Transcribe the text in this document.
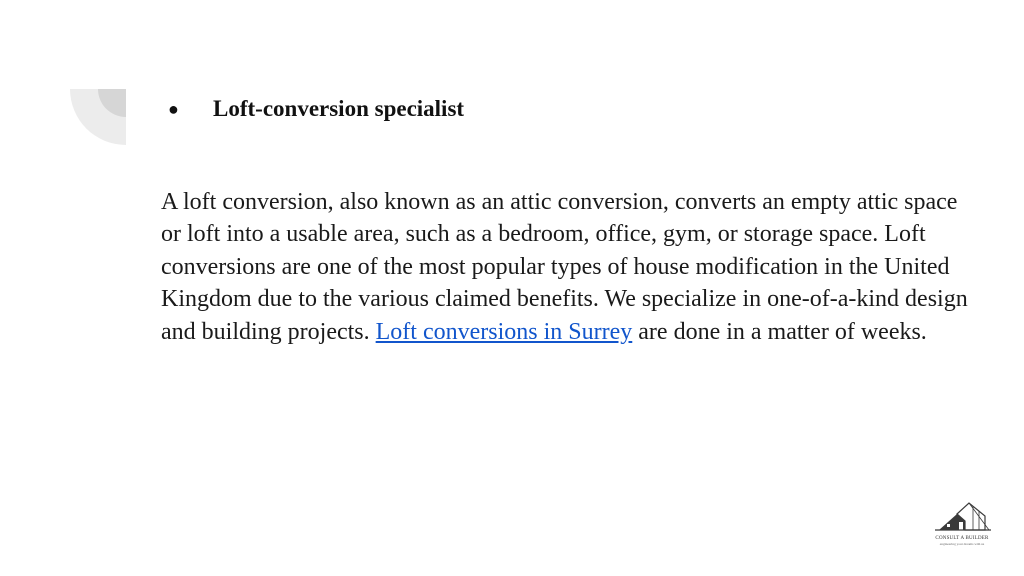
●	Loft-conversion specialist

A loft conversion, also known as an attic conversion, converts an empty attic space or loft into a usable area, such as a bedroom, office, gym, or storage space. Loft conversions are one of the most popular types of house modification in the United Kingdom due to the various claimed benefits. We specialize in one-of-a-kind design and building projects. Loft conversions in Surrey are done in a matter of weeks.

CONSULT A BUILDER
engineering your dreams with us
